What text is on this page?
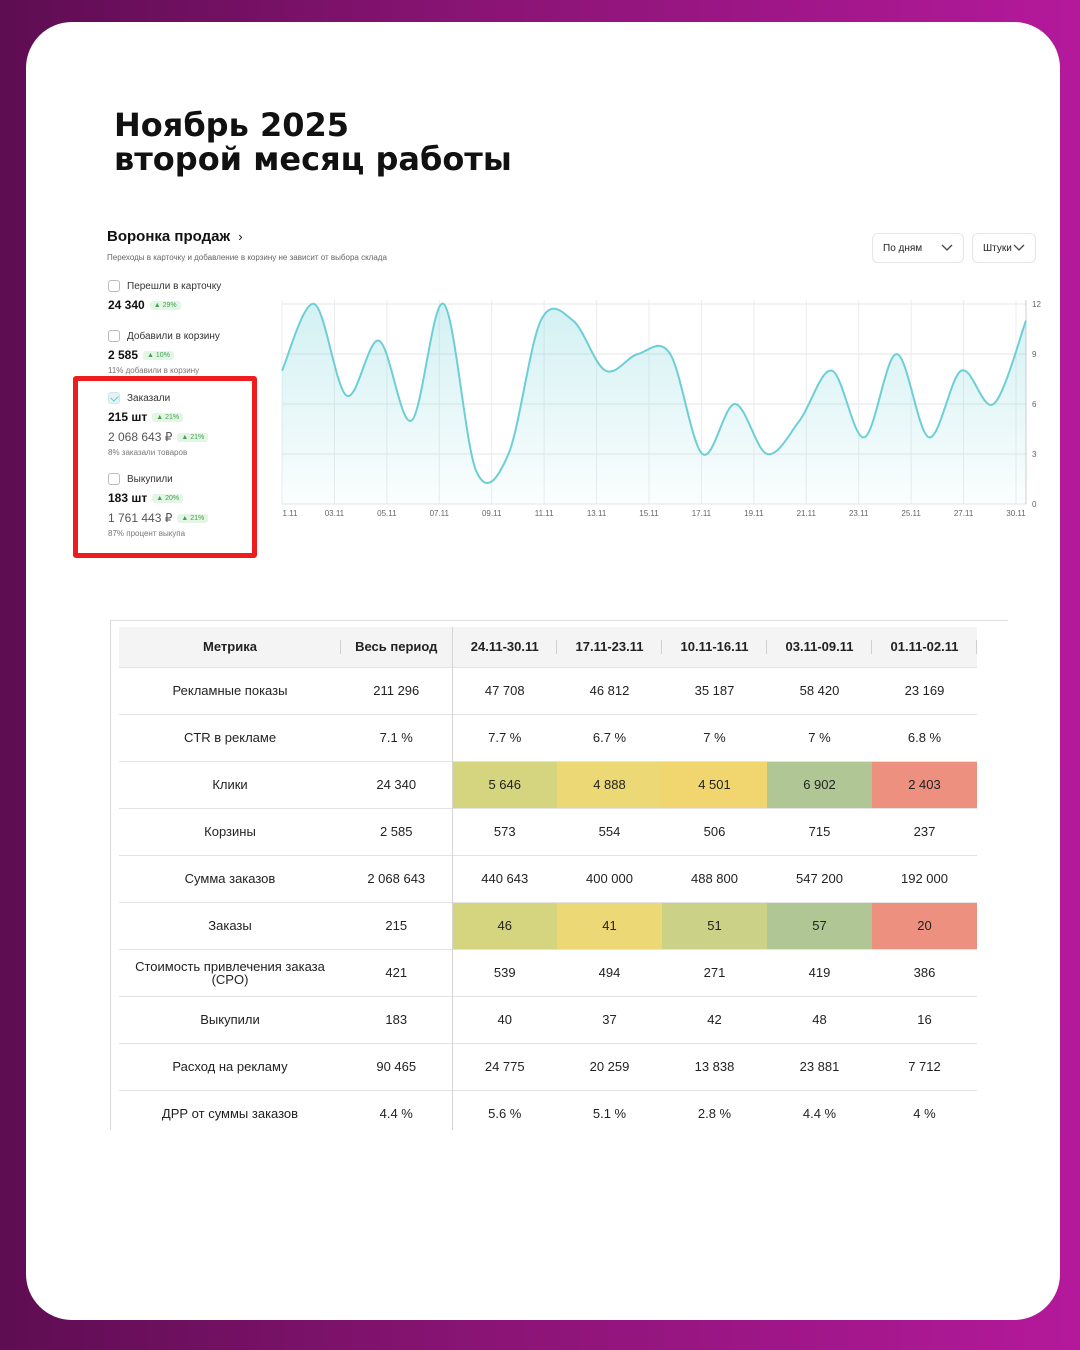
Ноябрь 2025
второй месяц работы
Воронка продаж ›
Переходы в карточку и добавление в корзину не зависит от выбора склада
По дням	Штуки
Перешли в карточку
24 340	▲ 29%
Добавили в корзину
2 585	▲ 10%
11% добавили в корзину
Заказали
215 шт	▲ 21%
2 068 643 ₽	▲ 21%
8% заказали товаров
Выкупили
183 шт	▲ 20%
1 761 443 ₽	▲ 21%
87% процент выкупа
1.11	03.11	05.11	07.11	09.11	11.11	13.11	15.11	17.11	19.11	21.11	23.11	25.11	27.11	30.11
0
3
6
9
12
Метрика	Весь период	24.11-30.11	17.11-23.11	10.11-16.11	03.11-09.11	01.11-02.11

Рекламные показы	211 296	47 708	46 812	35 187	58 420	23 169
CTR в рекламе	7.1 %	7.7 %	6.7 %	7 %	7 %	6.8 %
Клики	24 340	5 646	4 888	4 501	6 902	2 403
Корзины	2 585	573	554	506	715	237
Сумма заказов	2 068 643	440 643	400 000	488 800	547 200	192 000
Заказы	215	46	41	51	57	20
Стоимость привлечения заказа (CPO)	421	539	494	271	419	386
Выкупили	183	40	37	42	48	16
Расход на рекламу	90 465	24 775	20 259	13 838	23 881	7 712
ДРР от суммы заказов	4.4 %	5.6 %	5.1 %	2.8 %	4.4 %	4 %
